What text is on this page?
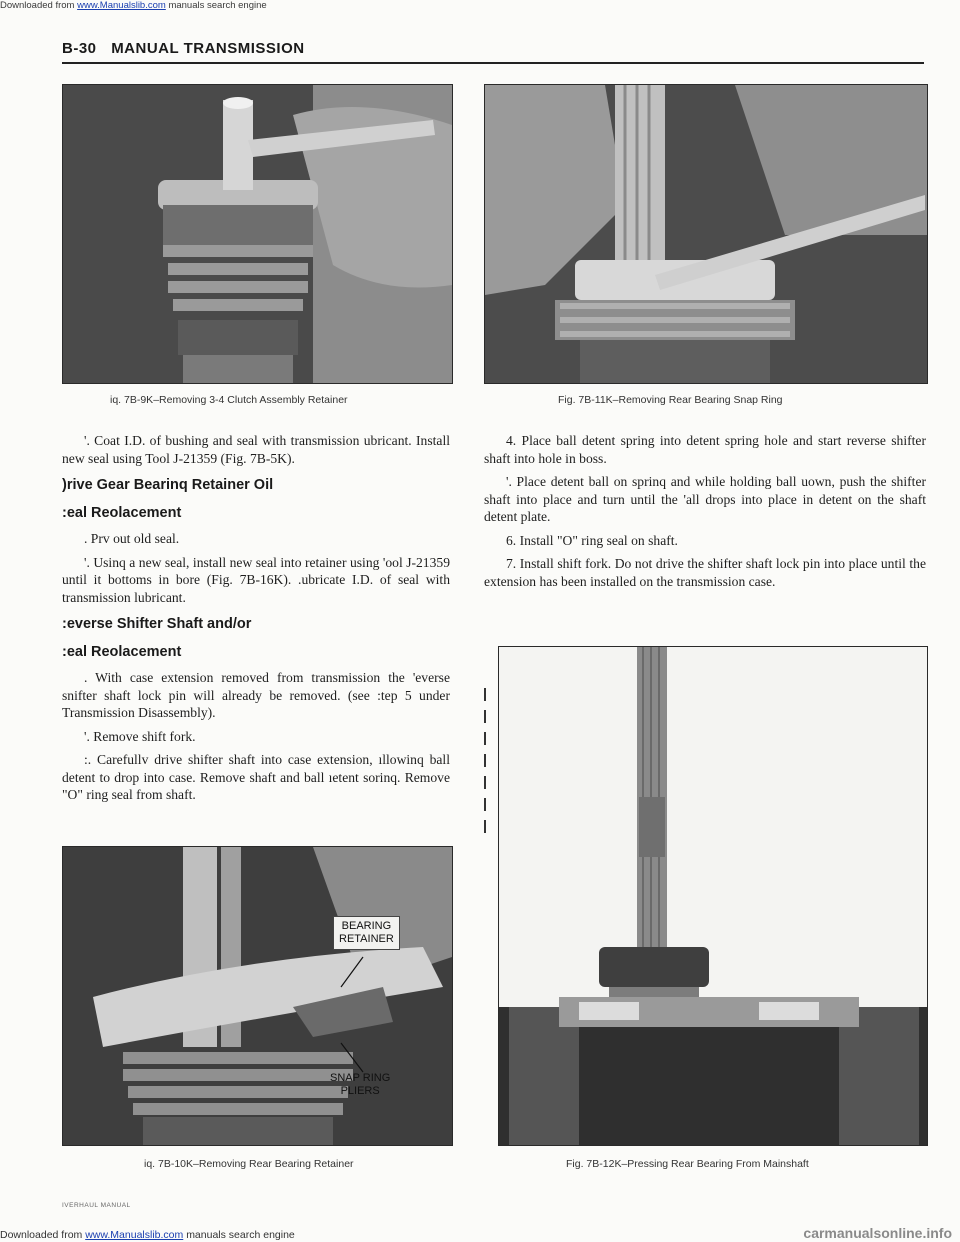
Downloaded from www.Manualslib.com manuals search engine
B-30 MANUAL TRANSMISSION
iq. 7B-9K–Removing 3-4 Clutch Assembly Retainer	Fig. 7B-11K–Removing Rear Bearing Snap Ring

'. Coat I.D. of bushing and seal with transmission ubricant. Install new seal using Tool J-21359 (Fig. 7B-5K).

)rive Gear Bearinq Retainer Oil
:eal Reolacement

. Prv out old seal.

'. Usinq a new seal, install new seal into retainer using 'ool J-21359 until it bottoms in bore (Fig. 7B-16K). .ubricate I.D. of seal with transmission lubricant.

:everse Shifter Shaft and/or
:eal Reolacement

. With case extension removed from transmission the 'everse snifter shaft lock pin will already be removed. (see :tep 5 under Transmission Disassembly).

'. Remove shift fork.

:. Carefullv drive shifter shaft into case extension, ıllowinq ball detent to drop into case. Remove shaft and ball ıetent sorinq. Remove "O" ring seal from shaft.

4. Place ball detent spring into detent spring hole and start reverse shifter shaft into hole in boss.

'. Place detent ball on sprinq and while holding ball uown, push the shifter shaft into place and turn until the 'all drops into place in detent on the shaft detent plate.

6. Install "O" ring seal on shaft.

7. Install shift fork. Do not drive the shifter shaft lock pin into place until the extension has been installed on the transmission case.

BEARING
RETAINER
SNAP RING
PLIERS
iq. 7B-10K–Removing Rear Bearing Retainer	Fig. 7B-12K–Pressing Rear Bearing From Mainshaft
IVERHAUL MANUAL
Downloaded from www.Manualslib.com manuals search engine	carmanualsonline.info
